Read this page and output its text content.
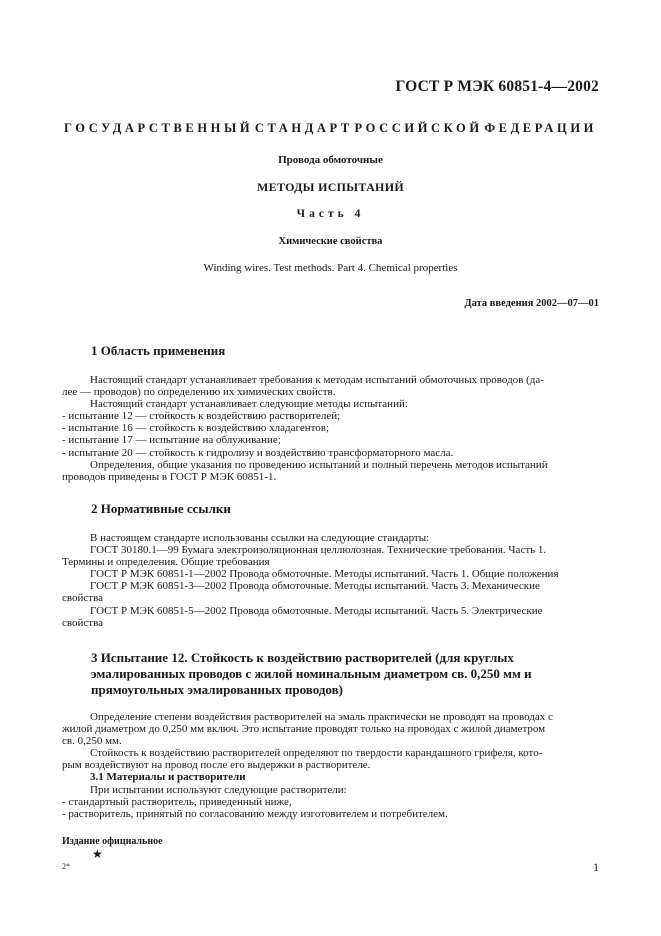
ГОСТ Р МЭК 60851-4—2002
ГОСУДАРСТВЕННЫЙ СТАНДАРТ РОССИЙСКОЙ ФЕДЕРАЦИИ
Провода обмоточные
МЕТОДЫ ИСПЫТАНИЙ
Часть 4
Химические свойства
Winding wires. Test methods. Part 4. Chemical properties
Дата введения 2002—07—01
1 Область применения

Настоящий стандарт устанавливает требования к методам испытаний обмоточных проводов (да-

лее — проводов) по определению их химических свойств.

Настоящий стандарт устанавливает следующие методы испытаний:

- испытание 12 — стойкость к воздействию растворителей;

- испытание 16 — стойкость к воздействию хладагентов;

- испытание 17 — испытание на облуживание;

- испытание 20 — стойкость к гидролизу и воздействию трансформаторного масла.

Определения, общие указания по проведению испытаний и полный перечень методов испытаний

проводов приведены в ГОСТ Р МЭК 60851-1.

2 Нормативные ссылки

В настоящем стандарте использованы ссылки на следующие стандарты:

ГОСТ 30180.1—99 Бумага электроизоляционная целлюлозная. Технические требования. Часть 1.

Термины и определения. Общие требования

ГОСТ Р МЭК 60851-1—2002 Провода обмоточные. Методы испытаний. Часть 1. Общие положения

ГОСТ Р МЭК 60851-3—2002 Провода обмоточные. Методы испытаний. Часть 3. Механические

свойства

ГОСТ Р МЭК 60851-5—2002 Провода обмоточные. Методы испытаний. Часть 5. Электрические

свойства

3 Испытание 12. Стойкость к воздействию растворителей (для круглых
эмалированных проводов с жилой номинальным диаметром св. 0,250 мм и
прямоугольных эмалированных проводов)

Определение степени воздействия растворителей на эмаль практически не проводят на проводах с

жилой диаметром до 0,250 мм включ. Это испытание проводят только на проводах с жилой диаметром

св. 0,250 мм.

Стойкость к воздействию растворителей определяют по твердости карандашного грифеля, кото-

рым воздействуют на провод после его выдержки в растворителе.

3.1 Материалы и растворители

При испытании используют следующие растворители:

- стандартный растворитель, приведенный ниже,

- растворитель, принятый по согласованию между изготовителем и потребителем.

Издание официальное
★
2*	1
